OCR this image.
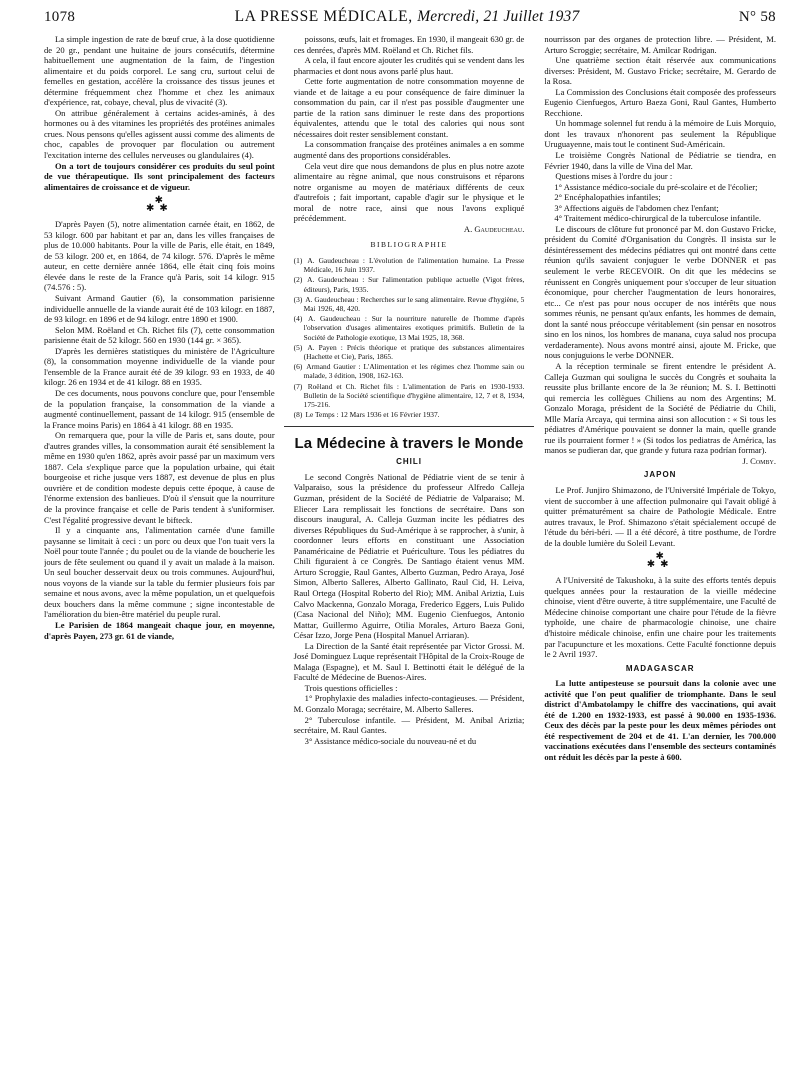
1078	LA PRESSE MÉDICALE, Mercredi, 21 Juillet 1937	N° 58

La simple ingestion de rate de bœuf crue, à la dose quotidienne de 20 gr., pendant une huitaine de jours consécutifs, détermine habituellement une augmentation de la faim, de l'ingestion alimentaire et du poids corporel. Le sang cru, surtout celui de femelles en gestation, accélère la croissance des tissus jeunes et détermine fréquemment chez l'homme et chez les animaux d'expérience, rat, cobaye, cheval, plus de vivacité (3).

On attribue généralement à certains acides-aminés, à des hormones ou à des vitamines les propriétés des protéines animales crues. Nous pensons qu'elles agissent aussi comme des aliments de choc, capables de provoquer par floculation ou autrement l'excitation interne des cellules nerveuses ou glandulaires (4).

On a tort de toujours considérer ces produits du seul point de vue thérapeutique. Ils sont principalement des facteurs alimentaires de croissance et de vigueur.

✱
✱✱

D'après Payen (5), notre alimentation carnée était, en 1862, de 53 kilogr. 600 par habitant et par an, dans les villes françaises de plus de 10.000 habitants. Pour la ville de Paris, elle était, en 1849, de 53 kilogr. 200 et, en 1864, de 74 kilogr. 576. D'après le même auteur, en cette dernière année 1864, elle était cinq fois moins élevée dans le reste de la France qu'à Paris, soit 14 kilogr. 915 (74.576 : 5).

Suivant Armand Gautier (6), la consommation parisienne individuelle annuelle de la viande aurait été de 103 kilogr. en 1887, de 93 kilogr. en 1896 et de 94 kilogr. entre 1890 et 1900.

Selon MM. Roëland et Ch. Richet fils (7), cette consommation parisienne était de 52 kilogr. 560 en 1930 (144 gr. × 365).

D'après les dernières statistiques du ministère de l'Agriculture (8), la consommation moyenne individuelle de la viande pour l'ensemble de la France aurait été de 39 kilogr. 93 en 1933, de 40 kilogr. 26 en 1934 et de 41 kilogr. 88 en 1935.

De ces documents, nous pouvons conclure que, pour l'ensemble de la population française, la consommation de la viande a augmenté continuellement, passant de 14 kilogr. 915 (ensemble de la France moins Paris) en 1864 à 41 kilogr. 88 en 1935.

On remarquera que, pour la ville de Paris et, sans doute, pour d'autres grandes villes, la consommation aurait été sensiblement la même en 1930 qu'en 1862, après avoir passé par un maximum vers 1887. Cela s'explique parce que la population urbaine, qui était bourgeoise et riche jusque vers 1887, est devenue de plus en plus ouvrière et de condition modeste depuis cette époque, à cause de l'énorme extension des banlieues. D'où il s'ensuit que la nourriture de la province française et celle de Paris tendent à s'uniformiser. C'est l'égalité progressive devant le bifteck.

Il y a cinquante ans, l'alimentation carnée d'une famille paysanne se limitait à ceci : un porc ou deux que l'on tuait vers la Noël pour toute l'année ; du poulet ou de la viande de boucherie les jours de fête seulement ou quand il y avait un malade à la maison. Un seul boucher desservait deux ou trois communes. Aujourd'hui, nous voyons de la viande sur la table du fermier plusieurs fois par semaine et nous avons, avec la même population, un et quelquefois deux bouchers dans la même commune ; signe incontestable de l'amélioration du bien-être matériel du peuple rural.

Le Parisien de 1864 mangeait chaque jour, en moyenne, d'après Payen, 273 gr. 61 de viande,

poissons, œufs, lait et fromages. En 1930, il mangeait 630 gr. de ces denrées, d'après MM. Roëland et Ch. Richet fils.

A cela, il faut encore ajouter les crudités qui se vendent dans les pharmacies et dont nous avons parlé plus haut.

Cette forte augmentation de notre consommation moyenne de viande et de laitage a eu pour conséquence de faire diminuer la consommation du pain, car il n'est pas possible d'augmenter une partie de la ration sans diminuer le reste dans des proportions équivalentes, attendu que le total des calories qui nous sont nécessaires doit rester sensiblement constant.

La consommation française des protéines animales a en somme augmenté dans des proportions considérables.

Cela veut dire que nous demandons de plus en plus notre azote alimentaire au règne animal, que nous construisons et réparons notre organisme au moyen de matériaux différents de ceux d'autrefois ; fait important, capable d'agir sur le physique et le moral de notre race, ainsi que nous l'avons expliqué précédemment.

A. Gaudeucheau.

BIBLIOGRAPHIE

(1) A. Gaudeucheau : L'évolution de l'alimentation humaine. La Presse Médicale, 16 Juin 1937.

(2) A. Gaudeucheau : Sur l'alimentation publique actuelle (Vigot frères, éditeurs), Paris, 1935.

(3) A. Gaudeucheau : Recherches sur le sang alimentaire. Revue d'hygiène, 5 Mai 1926, 48, 420.

(4) A. Gaudeucheau : Sur la nourriture naturelle de l'homme d'après l'observation d'usages alimentaires exotiques primitifs. Bulletin de la Société de Pathologie exotique, 13 Mai 1925, 18, 368.

(5) A. Payen : Précis théorique et pratique des substances alimentaires (Hachette et Cie), Paris, 1865.

(6) Armand Gautier : L'Alimentation et les régimes chez l'homme sain ou malade, 3 édition, 1908, 162-163.

(7) Roëland et Ch. Richet fils : L'alimentation de Paris en 1930-1933. Bulletin de la Société scientifique d'hygiène alimentaire, 12, 7 et 8, 1934, 175-216.

(8) Le Temps : 12 Mars 1936 et 16 Février 1937.

La Médecine à travers le Monde
CHILI

Le second Congrès National de Pédiatrie vient de se tenir à Valparaiso, sous la présidence du professeur Alfredo Calleja Guzman, président de la Société de Pédiatrie de Valparaiso; M. Eliecer Lara remplissait les fonctions de secrétaire. Dans son discours inaugural, A. Calleja Guzman incite les pédiatres des diverses Républiques du Sud-Amérique à se rapprocher, à s'unir, à coordonner leurs efforts en constituant une Association Panaméricaine de Pédiatrie et Puériculture. Tous les pédiatres du Chili figuraient à ce Congrès. De Santiago étaient venus MM. Arturo Scroggie, Raul Gantes, Alberto Guzman, Pedro Araya, José Simon, Alberto Salleres, Alberto Gallinato, Raul Cid, H. Leiva, Raul Ortega (Hospital Roberto del Rio); MM. Anibal Ariztia, Luis Calvo Mackenna, Gonzalo Moraga, Frederico Eggers, Luis Pulido (Casa Nacional del Niño); MM. Eugenio Cienfuegos, Antonio Mattar, Guillermo Aguirre, Otilia Morales, Arturo Baeza Goni, César Izzo, Jorge Pena (Hospital Manuel Arriaran).

La Direction de la Santé était représentée par Victor Grossi. M. José Dominguez Luque représentait l'Hôpital de la Croix-Rouge de Malaga (Espagne), et M. Saul I. Bettinotti était le délégué de la Faculté de Médecine de Buenos-Aires.

Trois questions officielles :

1° Prophylaxie des maladies infecto-contagieuses. — Président, M. Gonzalo Moraga; secrétaire, M. Alberto Salleres.

2° Tuberculose infantile. — Président, M. Anibal Ariztia; secrétaire, M. Raul Gantes.

3° Assistance médico-sociale du nouveau-né et du

nourrisson par des organes de protection libre. — Président, M. Arturo Scroggie; secrétaire, M. Amilcar Rodrigan.

Une quatrième section était réservée aux communications diverses: Président, M. Gustavo Fricke; secrétaire, M. Gerardo de la Rosa.

La Commission des Conclusions était composée des professeurs Eugenio Cienfuegos, Arturo Baeza Goni, Raul Gantes, Humberto Recchione.

Un hommage solennel fut rendu à la mémoire de Luis Morquio, dont les travaux n'honorent pas seulement la République Uruguayenne, mais tout le continent Sud-Américain.

Le troisième Congrès National de Pédiatrie se tiendra, en Février 1940, dans la ville de Vina del Mar.

Questions mises à l'ordre du jour :

1° Assistance médico-sociale du pré-scolaire et de l'écolier;

2° Encéphalopathies infantiles;

3° Affections aiguës de l'abdomen chez l'enfant;

4° Traitement médico-chirurgical de la tuberculose infantile.

Le discours de clôture fut prononcé par M. don Gustavo Fricke, président du Comité d'Organisation du Congrès. Il insista sur le désintéressement des médecins pédiatres qui ont montré dans cette réunion qu'ils savaient conjuguer le verbe DONNER et pas seulement le verbe RECEVOIR. On dit que les médecins se réunissent en Congrès uniquement pour s'occuper de leur situation économique, pour chercher l'augmentation de leurs honoraires, etc... Ce n'est pas pour nous occuper de nos intérêts que nous sommes réunis, ne pensant qu'aux enfants, les hommes de demain, dont la santé nous préoccupe véritablement (sin pensar en nosotros sino en los ninos, los hombres de manana, cuya salud nos procupa verdaderamente). Nous avons montré ainsi, ajoute M. Fricke, que nous conjuguions le verbe DONNER.

A la réception terminale se firent entendre le président A. Calleja Guzman qui souligna le succès du Congrès et souhaita la reussite plus brillante encore de la 3e réunion; M. S. I. Bettinotti qui remercia les collègues Chiliens au nom des Argentins; M. Gonzalo Moraga, président de la Société de Pédiatrie du Chili, Mlle María Arcaya, qui termina ainsi son allocution : « Si tous les pédiatres d'Amérique pouvaient se donner la main, quelle grande rue ils pourraient former ! » (Si todos los pediatras de América, las manos se pudieran dar, que grande y futura raza podrían formar).

J. Comby.

JAPON

Le Prof. Junjiro Shimazono, de l'Université Impériale de Tokyo, vient de succomber à une affection pulmonaire qui l'avait obligé à quitter prématurément sa chaire de Pathologie Médicale. Entre autres travaux, le Prof. Shimazono s'était spécialement occupé de l'étude du béri-béri. — Il a été décoré, à titre posthume, de l'ordre de la double lumière du Soleil Levant.

✱
✱✱

A l'Université de Takushoku, à la suite des efforts tentés depuis quelques années pour la restauration de la vieille médecine chinoise, vient d'être ouverte, à titre supplémentaire, une Faculté de Médecine chinoise comportant une chaire pour l'étude de la fièvre typhoïde, une chaire de pharmacologie chinoise, une chaire d'histoire médicale chinoise, enfin une chaire pour les traitements par l'acupuncture et les moxations. Cette Faculté fonctionne depuis le 2 Avril 1937.

MADAGASCAR

La lutte antipesteuse se poursuit dans la colonie avec une activité que l'on peut qualifier de triomphante. Dans le seul district d'Ambatolampy le chiffre des vaccinations, qui avait été de 1.200 en 1932-1933, est passé à 90.000 en 1935-1936. Ceux des décès par la peste pour les deux mêmes périodes ont été respectivement de 204 et de 41. L'an dernier, les 700.000 vaccinations exécutées dans l'ensemble des secteurs contaminés ont réduit les décès par la peste à 600.
